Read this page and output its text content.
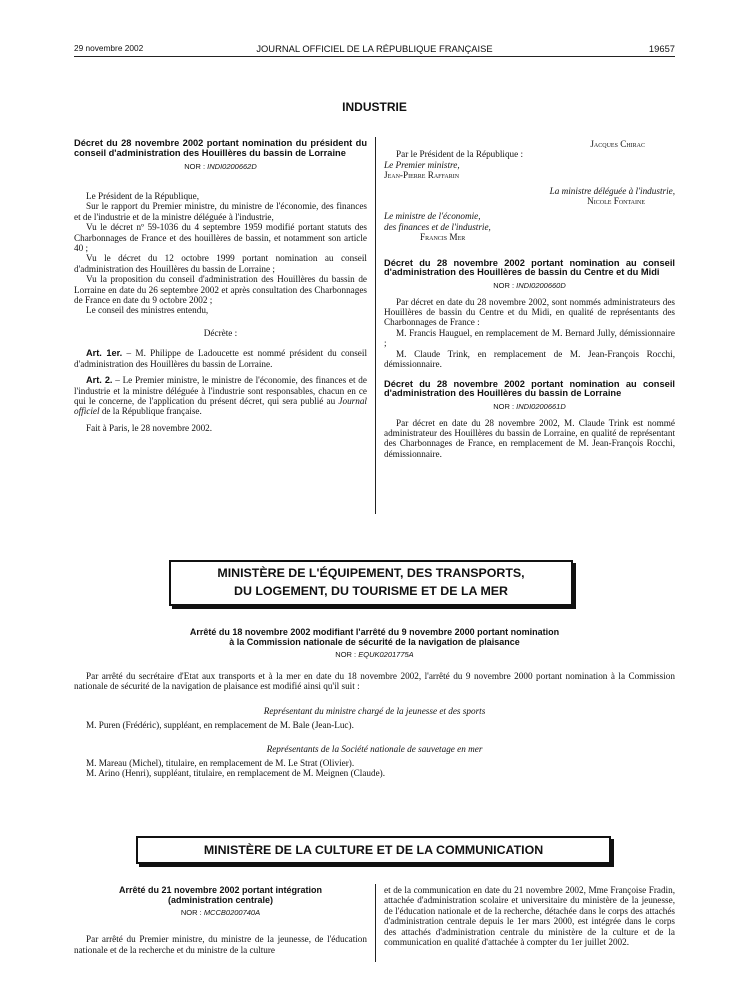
29 novembre 2002	JOURNAL OFFICIEL DE LA RÉPUBLIQUE FRANÇAISE	19657
INDUSTRIE
Décret du 28 novembre 2002 portant nomination du président du conseil d'administration des Houillères du bassin de Lorraine
NOR : INDI0200662D

Le Président de la République,

Sur le rapport du Premier ministre, du ministre de l'économie, des finances et de l'industrie et de la ministre déléguée à l'industrie,

Vu le décret nº 59-1036 du 4 septembre 1959 modifié portant statuts des Charbonnages de France et des houillères de bassin, et notamment son article 40 ;

Vu le décret du 12 octobre 1999 portant nomination au conseil d'administration des Houillères du bassin de Lorraine ;

Vu la proposition du conseil d'administration des Houillères du bassin de Lorraine en date du 26 septembre 2002 et après consultation des Charbonnages de France en date du 9 octobre 2002 ;

Le conseil des ministres entendu,

Décrète :

Art. 1er. – M. Philippe de Ladoucette est nommé président du conseil d'administration des Houillères du bassin de Lorraine.

Art. 2. – Le Premier ministre, le ministre de l'économie, des finances et de l'industrie et la ministre déléguée à l'industrie sont responsables, chacun en ce qui le concerne, de l'application du présent décret, qui sera publié au Journal officiel de la République française.

Fait à Paris, le 28 novembre 2002.

Jacques Chirac
Par le Président de la République :
Le Premier ministre,
Jean-Pierre Raffarin
La ministre déléguée à l'industrie,
Nicole Fontaine
Le ministre de l'économie,
des finances et de l'industrie,
Francis Mer
Décret du 28 novembre 2002 portant nomination au conseil d'administration des Houillères de bassin du Centre et du Midi
NOR : INDI0200660D

Par décret en date du 28 novembre 2002, sont nommés administrateurs des Houillères de bassin du Centre et du Midi, en qualité de représentants des Charbonnages de France :

M. Francis Hauguel, en remplacement de M. Bernard Jully, démissionnaire ;

M. Claude Trink, en remplacement de M. Jean-François Rocchi, démissionnaire.

Décret du 28 novembre 2002 portant nomination au conseil d'administration des Houillères du bassin de Lorraine
NOR : INDI0200661D

Par décret en date du 28 novembre 2002, M. Claude Trink est nommé administrateur des Houillères du bassin de Lorraine, en qualité de représentant des Charbonnages de France, en remplacement de M. Jean-François Rocchi, démissionnaire.

MINISTÈRE DE L'ÉQUIPEMENT, DES TRANSPORTS,
DU LOGEMENT, DU TOURISME ET DE LA MER
Arrêté du 18 novembre 2002 modifiant l'arrêté du 9 novembre 2000 portant nomination
à la Commission nationale de sécurité de la navigation de plaisance
NOR : EQUK0201775A

Par arrêté du secrétaire d'Etat aux transports et à la mer en date du 18 novembre 2002, l'arrêté du 9 novembre 2000 portant nomination à la Commission nationale de sécurité de la navigation de plaisance est modifié ainsi qu'il suit :

Représentant du ministre chargé de la jeunesse et des sports

M. Puren (Frédéric), suppléant, en remplacement de M. Bale (Jean-Luc).

Représentants de la Société nationale de sauvetage en mer

M. Mareau (Michel), titulaire, en remplacement de M. Le Strat (Olivier).

M. Arino (Henri), suppléant, titulaire, en remplacement de M. Meignen (Claude).

MINISTÈRE DE LA CULTURE ET DE LA COMMUNICATION
Arrêté du 21 novembre 2002 portant intégration
(administration centrale)
NOR : MCCB0200740A

Par arrêté du Premier ministre, du ministre de la jeunesse, de l'éducation nationale et de la recherche et du ministre de la culture

et de la communication en date du 21 novembre 2002, Mme Françoise Fradin, attachée d'administration scolaire et universitaire du ministère de la jeunesse, de l'éducation nationale et de la recherche, détachée dans le corps des attachés d'administration centrale depuis le 1er mars 2000, est intégrée dans le corps des attachés d'administration centrale du ministère de la culture et de la communication en qualité d'attachée à compter du 1er juillet 2002.
